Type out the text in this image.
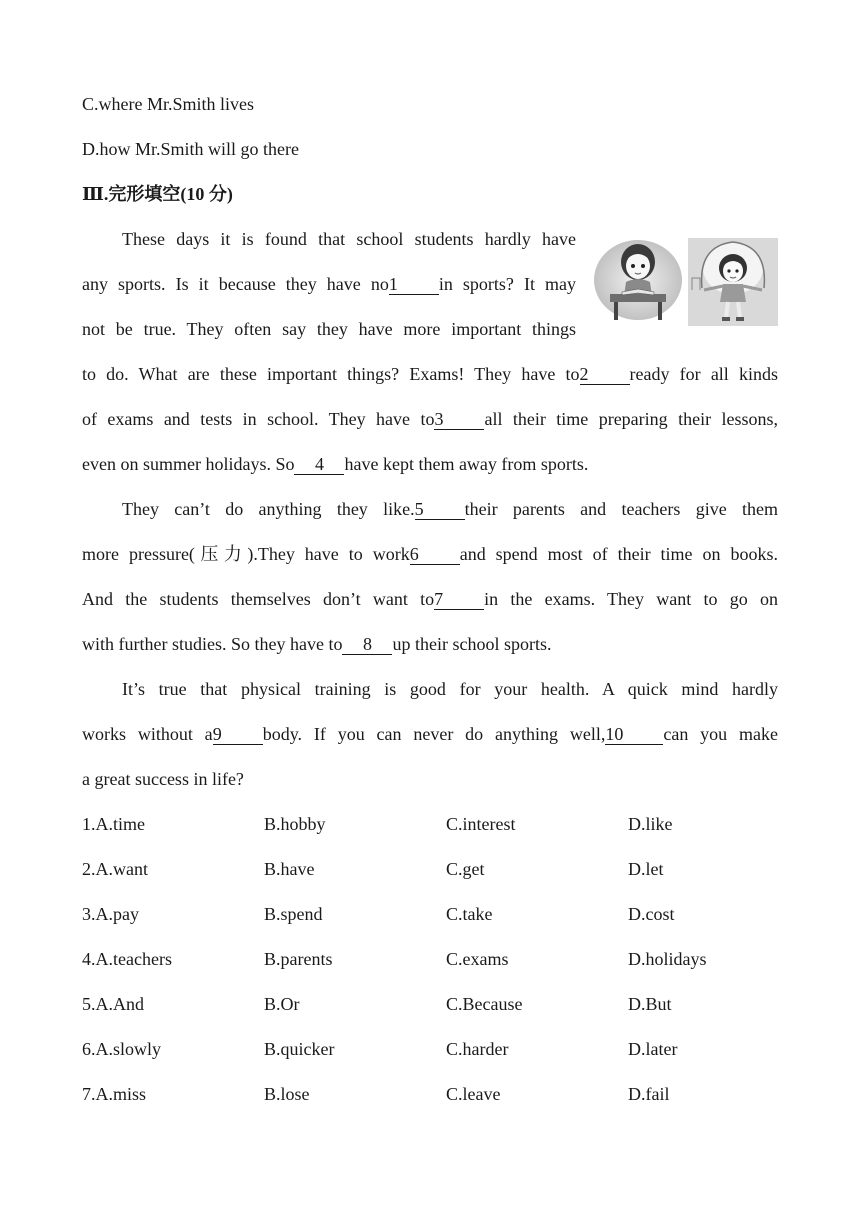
C.where Mr.Smith lives
D.how Mr.Smith will go there
Ⅲ.完形填空(10 分)
These days it is found that school students hardly have
any sports. Is it because they have no1 in sports? It may
not be true. They often say they have more important things
to do. What are these important things? Exams! They have to2 ready for all kinds
of exams and tests in school. They have to3 all their time preparing their lessons,
even on summer holidays. So 4 have kept them away from sports.
They can’t do anything they like.5 their parents and teachers give them
more pressure(压力).They have to work6 and spend most of their time on books.
And the students themselves don’t want to7 in the exams. They want to go on
with further studies. So they have to 8 up their school sports.
It’s true that physical training is good for your health. A quick mind hardly
works without a9 body. If you can never do anything well,10 can you make
a great success in life?
1.A.time	B.hobby	C.interest	D.like
2.A.want	B.have	C.get	D.let
3.A.pay	B.spend	C.take	D.cost
4.A.teachers	B.parents	C.exams	D.holidays
5.A.And	B.Or	C.Because	D.But
6.A.slowly	B.quicker	C.harder	D.later
7.A.miss	B.lose	C.leave	D.fail
